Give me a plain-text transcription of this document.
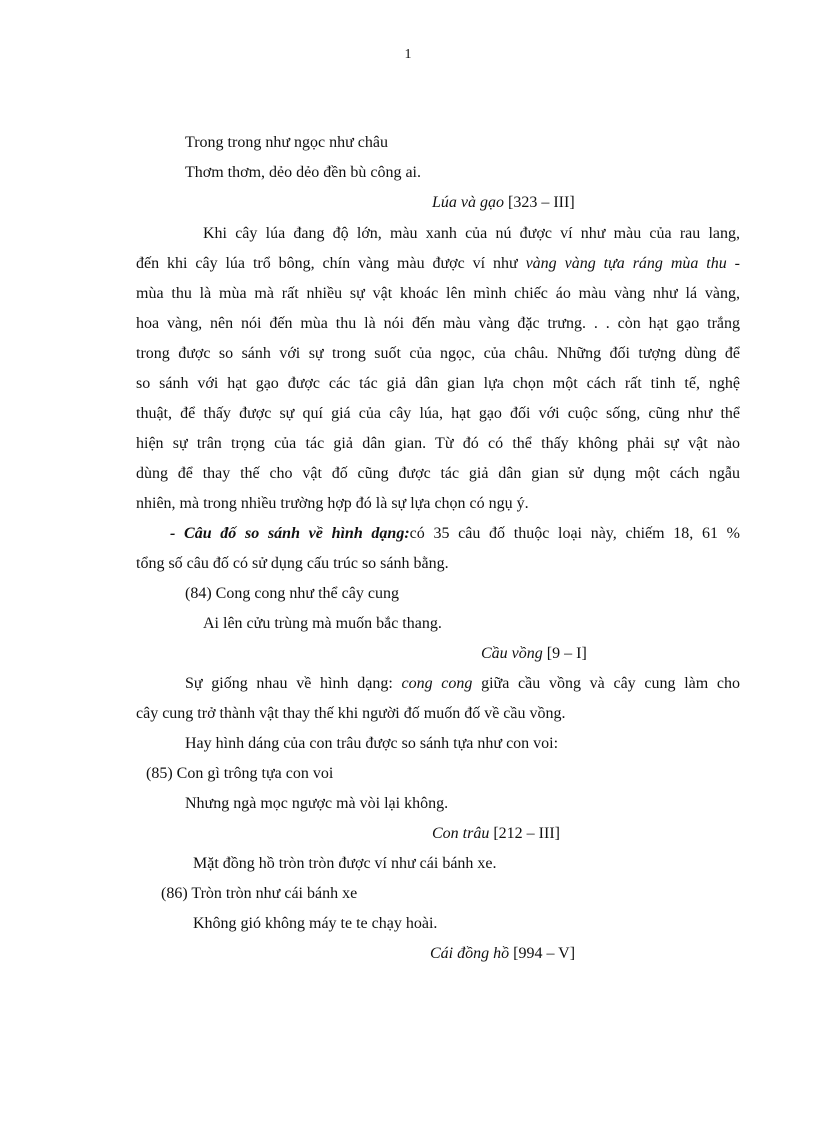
1
Trong trong như ngọc như châu
Thơm thơm, dẻo dẻo đền bù công ai.
Lúa và gạo [323 – III]
Khi cây lúa đang độ lớn, màu xanh của nú được ví như màu của rau lang,
đến khi cây lúa trổ bông, chín vàng màu được ví như vàng vàng tựa ráng mùa thu -
mùa thu là mùa mà rất nhiều sự vật khoác lên mình chiếc áo màu vàng như lá vàng,
hoa vàng, nên nói đến mùa thu là nói đến màu vàng đặc trưng. . . còn hạt gạo trắng
trong được so sánh với sự trong suốt của ngọc, của châu. Những đối tượng dùng để
so sánh với hạt gạo được các tác giả dân gian lựa chọn một cách rất tinh tế, nghệ
thuật, để thấy được sự quí giá của cây lúa, hạt gạo đối với cuộc sống, cũng như thể
hiện sự trân trọng của tác giả dân gian. Từ đó có thể thấy không phải sự vật nào
dùng để thay thế cho vật đố cũng được tác giả dân gian sử dụng một cách ngẫu
nhiên, mà trong nhiều trường hợp đó là sự lựa chọn có ngụ ý.
- Câu đố so sánh về hình dạng:có 35 câu đố thuộc loại này, chiếm 18, 61 %
tổng số câu đố có sử dụng cấu trúc so sánh bằng.
(84) Cong cong như thể cây cung
Ai lên cửu trùng mà muốn bắc thang.
Cầu vồng [9 – I]
Sự giống nhau về hình dạng: cong cong giữa cầu vồng và cây cung làm cho
cây cung trở thành vật thay thế khi người đố muốn đố về cầu vồng.
Hay hình dáng của con trâu được so sánh tựa như con voi:
(85) Con gì trông tựa con voi
Nhưng ngà mọc ngược mà vòi lại không.
Con trâu [212 – III]
Mặt đồng hồ tròn tròn được ví như cái bánh xe.
(86) Tròn tròn như cái bánh xe
Không gió không máy te te chạy hoài.
Cái đồng hồ [994 – V]
